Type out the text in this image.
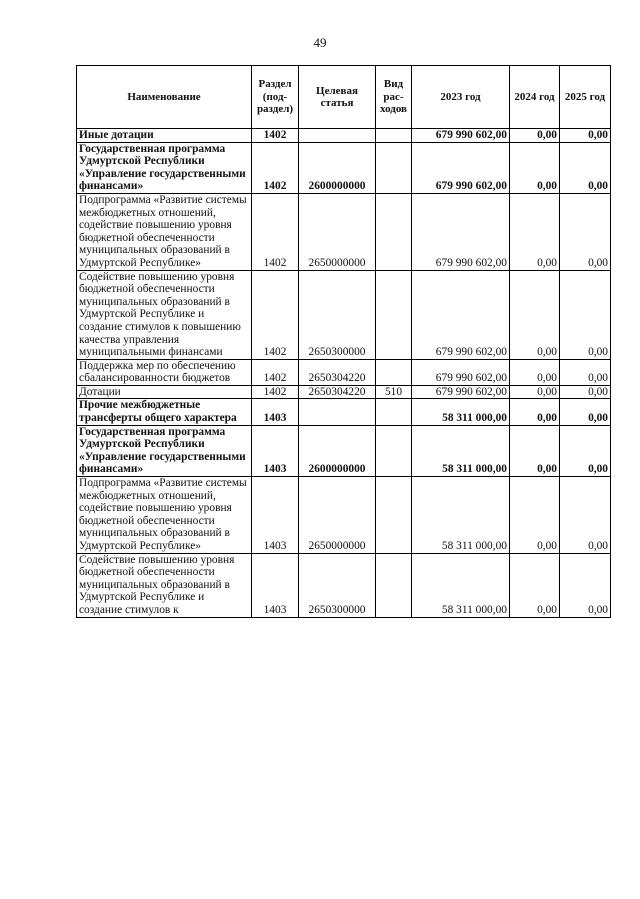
49
Наименование	Раздел (под-раздел)	Целевая статья	Вид рас-ходов	2023 год	2024 год	2025 год
Иные дотации	1402			679 990 602,00	0,00	0,00
Государственная программа Удмуртской Республики «Управление государственными финансами»	1402	2600000000		679 990 602,00	0,00	0,00
Подпрограмма «Развитие системы межбюджетных отношений, содействие повышению уровня бюджетной обеспеченности муниципальных образований в Удмуртской Республике»	1402	2650000000		679 990 602,00	0,00	0,00
Содействие повышению уровня бюджетной обеспеченности муниципальных образований в Удмуртской Республике и создание стимулов к повышению качества управления муниципальными финансами	1402	2650300000		679 990 602,00	0,00	0,00
Поддержка мер по обеспечению сбалансированности бюджетов	1402	2650304220		679 990 602,00	0,00	0,00
Дотации	1402	2650304220	510	679 990 602,00	0,00	0,00
Прочие межбюджетные трансферты общего характера	1403			58 311 000,00	0,00	0,00
Государственная программа Удмуртской Республики «Управление государственными финансами»	1403	2600000000		58 311 000,00	0,00	0,00
Подпрограмма «Развитие системы межбюджетных отношений, содействие повышению уровня бюджетной обеспеченности муниципальных образований в Удмуртской Республике»	1403	2650000000		58 311 000,00	0,00	0,00
Содействие повышению уровня бюджетной обеспеченности муниципальных образований в Удмуртской Республике и создание стимулов к	1403	2650300000		58 311 000,00	0,00	0,00
